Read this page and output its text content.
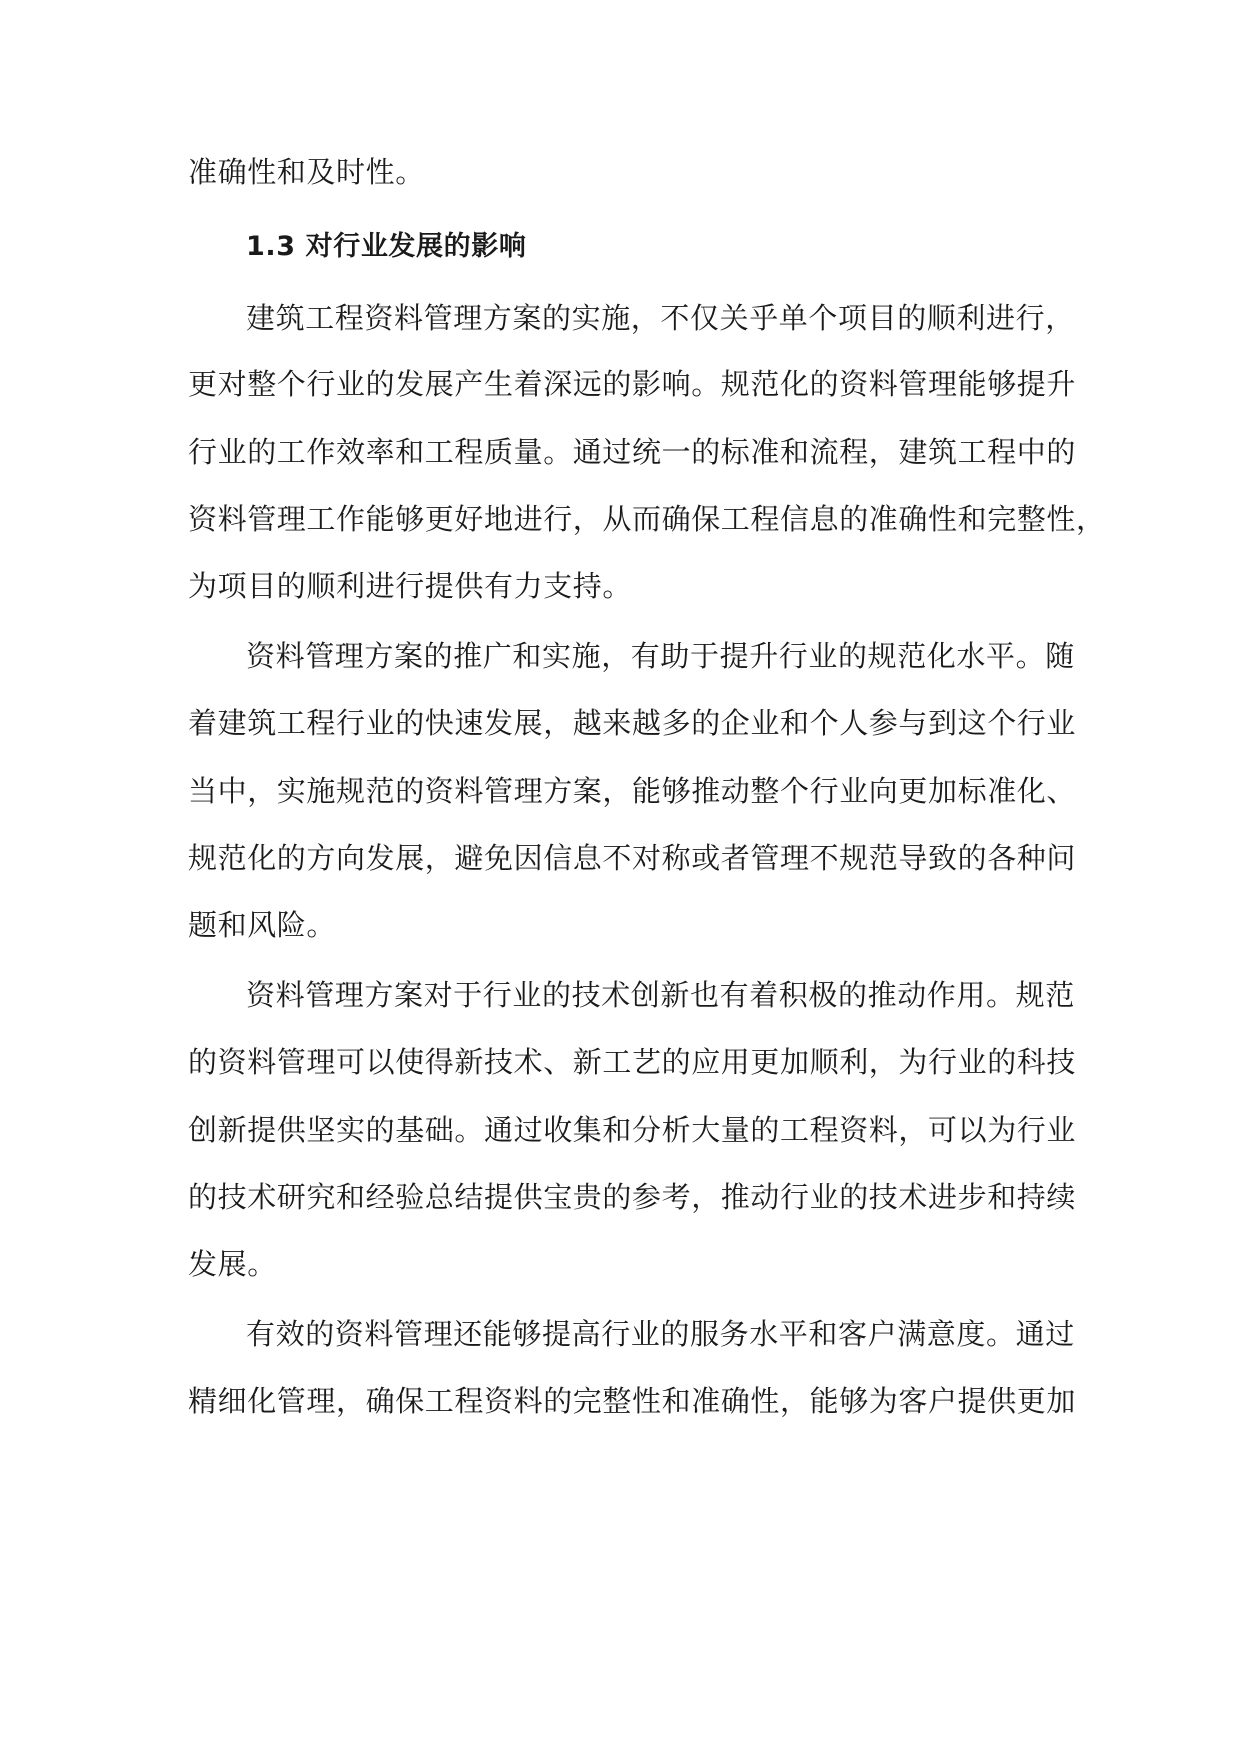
准确性和及时性。
1.3 对行业发展的影响
建筑工程资料管理方案的实施，不仅关乎单个项目的顺利进行，
更对整个行业的发展产生着深远的影响。规范化的资料管理能够提升
行业的工作效率和工程质量。通过统一的标准和流程，建筑工程中的
资料管理工作能够更好地进行，从而确保工程信息的准确性和完整性，
为项目的顺利进行提供有力支持。
资料管理方案的推广和实施，有助于提升行业的规范化水平。随
着建筑工程行业的快速发展，越来越多的企业和个人参与到这个行业
当中，实施规范的资料管理方案，能够推动整个行业向更加标准化、
规范化的方向发展，避免因信息不对称或者管理不规范导致的各种问
题和风险。
资料管理方案对于行业的技术创新也有着积极的推动作用。规范
的资料管理可以使得新技术、新工艺的应用更加顺利，为行业的科技
创新提供坚实的基础。通过收集和分析大量的工程资料，可以为行业
的技术研究和经验总结提供宝贵的参考，推动行业的技术进步和持续
发展。
有效的资料管理还能够提高行业的服务水平和客户满意度。通过
精细化管理，确保工程资料的完整性和准确性，能够为客户提供更加
